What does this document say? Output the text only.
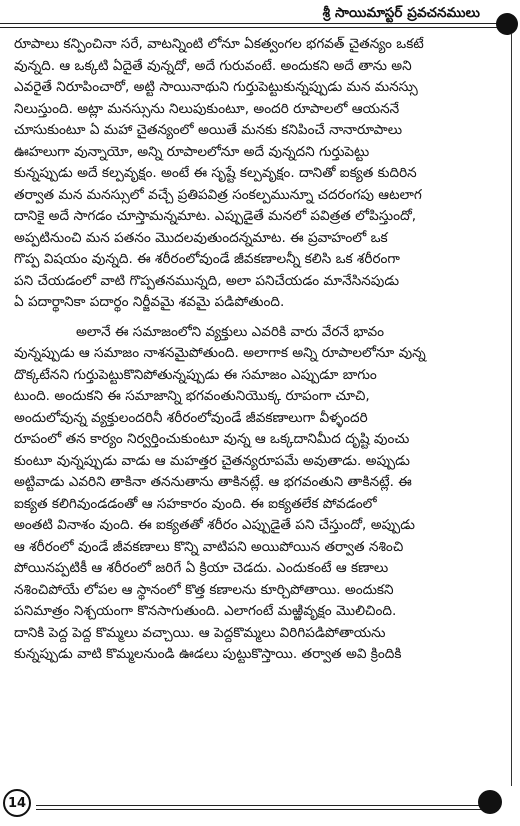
శ్రీ సాయిమాస్టర్ ప్రవచనములు

రూపాలు కన్పించినా సరే, వాటన్నింటి లోనూ ఏకత్వంగల భగవత్ చైతన్యం ఒకటే
వున్నది. ఆ ఒక్కటి ఏదైతే వున్నదో, అదే గురువంటే. అందుకని అదే తాను అని
ఎవరైతే నిరూపించారో, అట్టి సాయినాథుని గుర్తుపెట్టుకున్నప్పుడు మన మనస్సు
నిలుస్తుంది. అట్లా మనస్సును నిలుపుకుంటూ, అందరి రూపాలలో ఆయననే
చూసుకుంటూ ఏ మహా చైతన్యంలో అయితే మనకు కనిపించే నానారూపాలు
ఊహలుగా వున్నాయో, అన్ని రూపాలలోనూ అదే వున్నదని గుర్తుపెట్టు
కున్నప్పుడు అదే కల్పవృక్షం. అంటే ఈ సృష్టే కల్పవృక్షం. దానితో ఐక్యత కుదిరిన
తర్వాత మన మనస్సులో వచ్చే ప్రతిపవిత్ర సంకల్పమున్నూ చదరంగపు ఆటలాగ
దానికై అదే సాగడం చూస్తామన్నమాట. ఎప్పుడైతే మనలో పవిత్రత లోపిస్తుందో,
అప్పటినుంచి మన పతనం మొదలవుతుందన్నమాట. ఈ ప్రవాహంలో ఒక
గొప్ప విషయం వున్నది. ఈ శరీరంలోవుండే జీవకణాలన్నీ కలిసి ఒక శరీరంగా
పని చేయడంలో వాటి గొప్పతనమున్నది, అలా పనిచేయడం మానేసినపుడు
ఏ పదార్థానికా పదార్థం నిర్జీవమై శవమై పడిపోతుంది.

అలానే ఈ సమాజంలోని వ్యక్తులు ఎవరికి వారు వేరనే భావం
వున్నప్పుడు ఆ సమాజం నాశనమైపోతుంది. అలాగాక అన్ని రూపాలలోనూ వున్న
దొక్కటేనని గుర్తుపెట్టుకొనిపోతున్నప్పుడు ఈ సమాజం ఎప్పుడూ బాగుం
టుంది. అందుకని ఈ సమాజాన్ని భగవంతునియొక్క రూపంగా చూచి,
అందులోవున్న వ్యక్తులందరినీ శరీరంలోవుండే జీవకణాలుగా వీళ్ళందరి
రూపంలో తన కార్యం నిర్వర్తించుకుంటూ వున్న ఆ ఒక్కదానిమీద దృష్టి వుంచు
కుంటూ వున్నప్పుడు వాడు ఆ మహత్తర చైతన్యరూపమే అవుతాడు. అప్పుడు
అట్టివాడు ఎవరిని తాకినా తననుతాను తాకినట్లే. ఆ భగవంతుని తాకినట్లే. ఈ
ఐక్యత కలిగివుండడంతో ఆ సహకారం వుంది. ఈ ఐక్యతలేక పోవడంలో
అంతటి వినాశం వుంది. ఈ ఐక్యతతో శరీరం ఎప్పుడైతే పని చేస్తుందో, అప్పుడు
ఆ శరీరంలో వుండే జీవకణాలు కొన్ని వాటిపని అయిపోయిన తర్వాత నశించి
పోయినప్పటికీ ఆ శరీరంలో జరిగే ఏ క్రియా చెడదు. ఎందుకంటే ఆ కణాలు
నశించిపోయే లోపల ఆ స్థానంలో కొత్త కణాలను కూర్చిపోతాయి. అందుకని
పనిమాత్రం నిశ్చయంగా కొనసాగుతుంది. ఎలాగంటే మఱ్ఱివృక్షం మొలిచింది.
దానికి పెద్ద పెద్ద కొమ్మలు వచ్చాయి. ఆ పెద్దకొమ్మలు విరిగిపడిపోతాయను
కున్నప్పుడు వాటి కొమ్మలనుండి ఊడలు పుట్టుకొస్తాయి. తర్వాత అవి క్రిందికి

14
